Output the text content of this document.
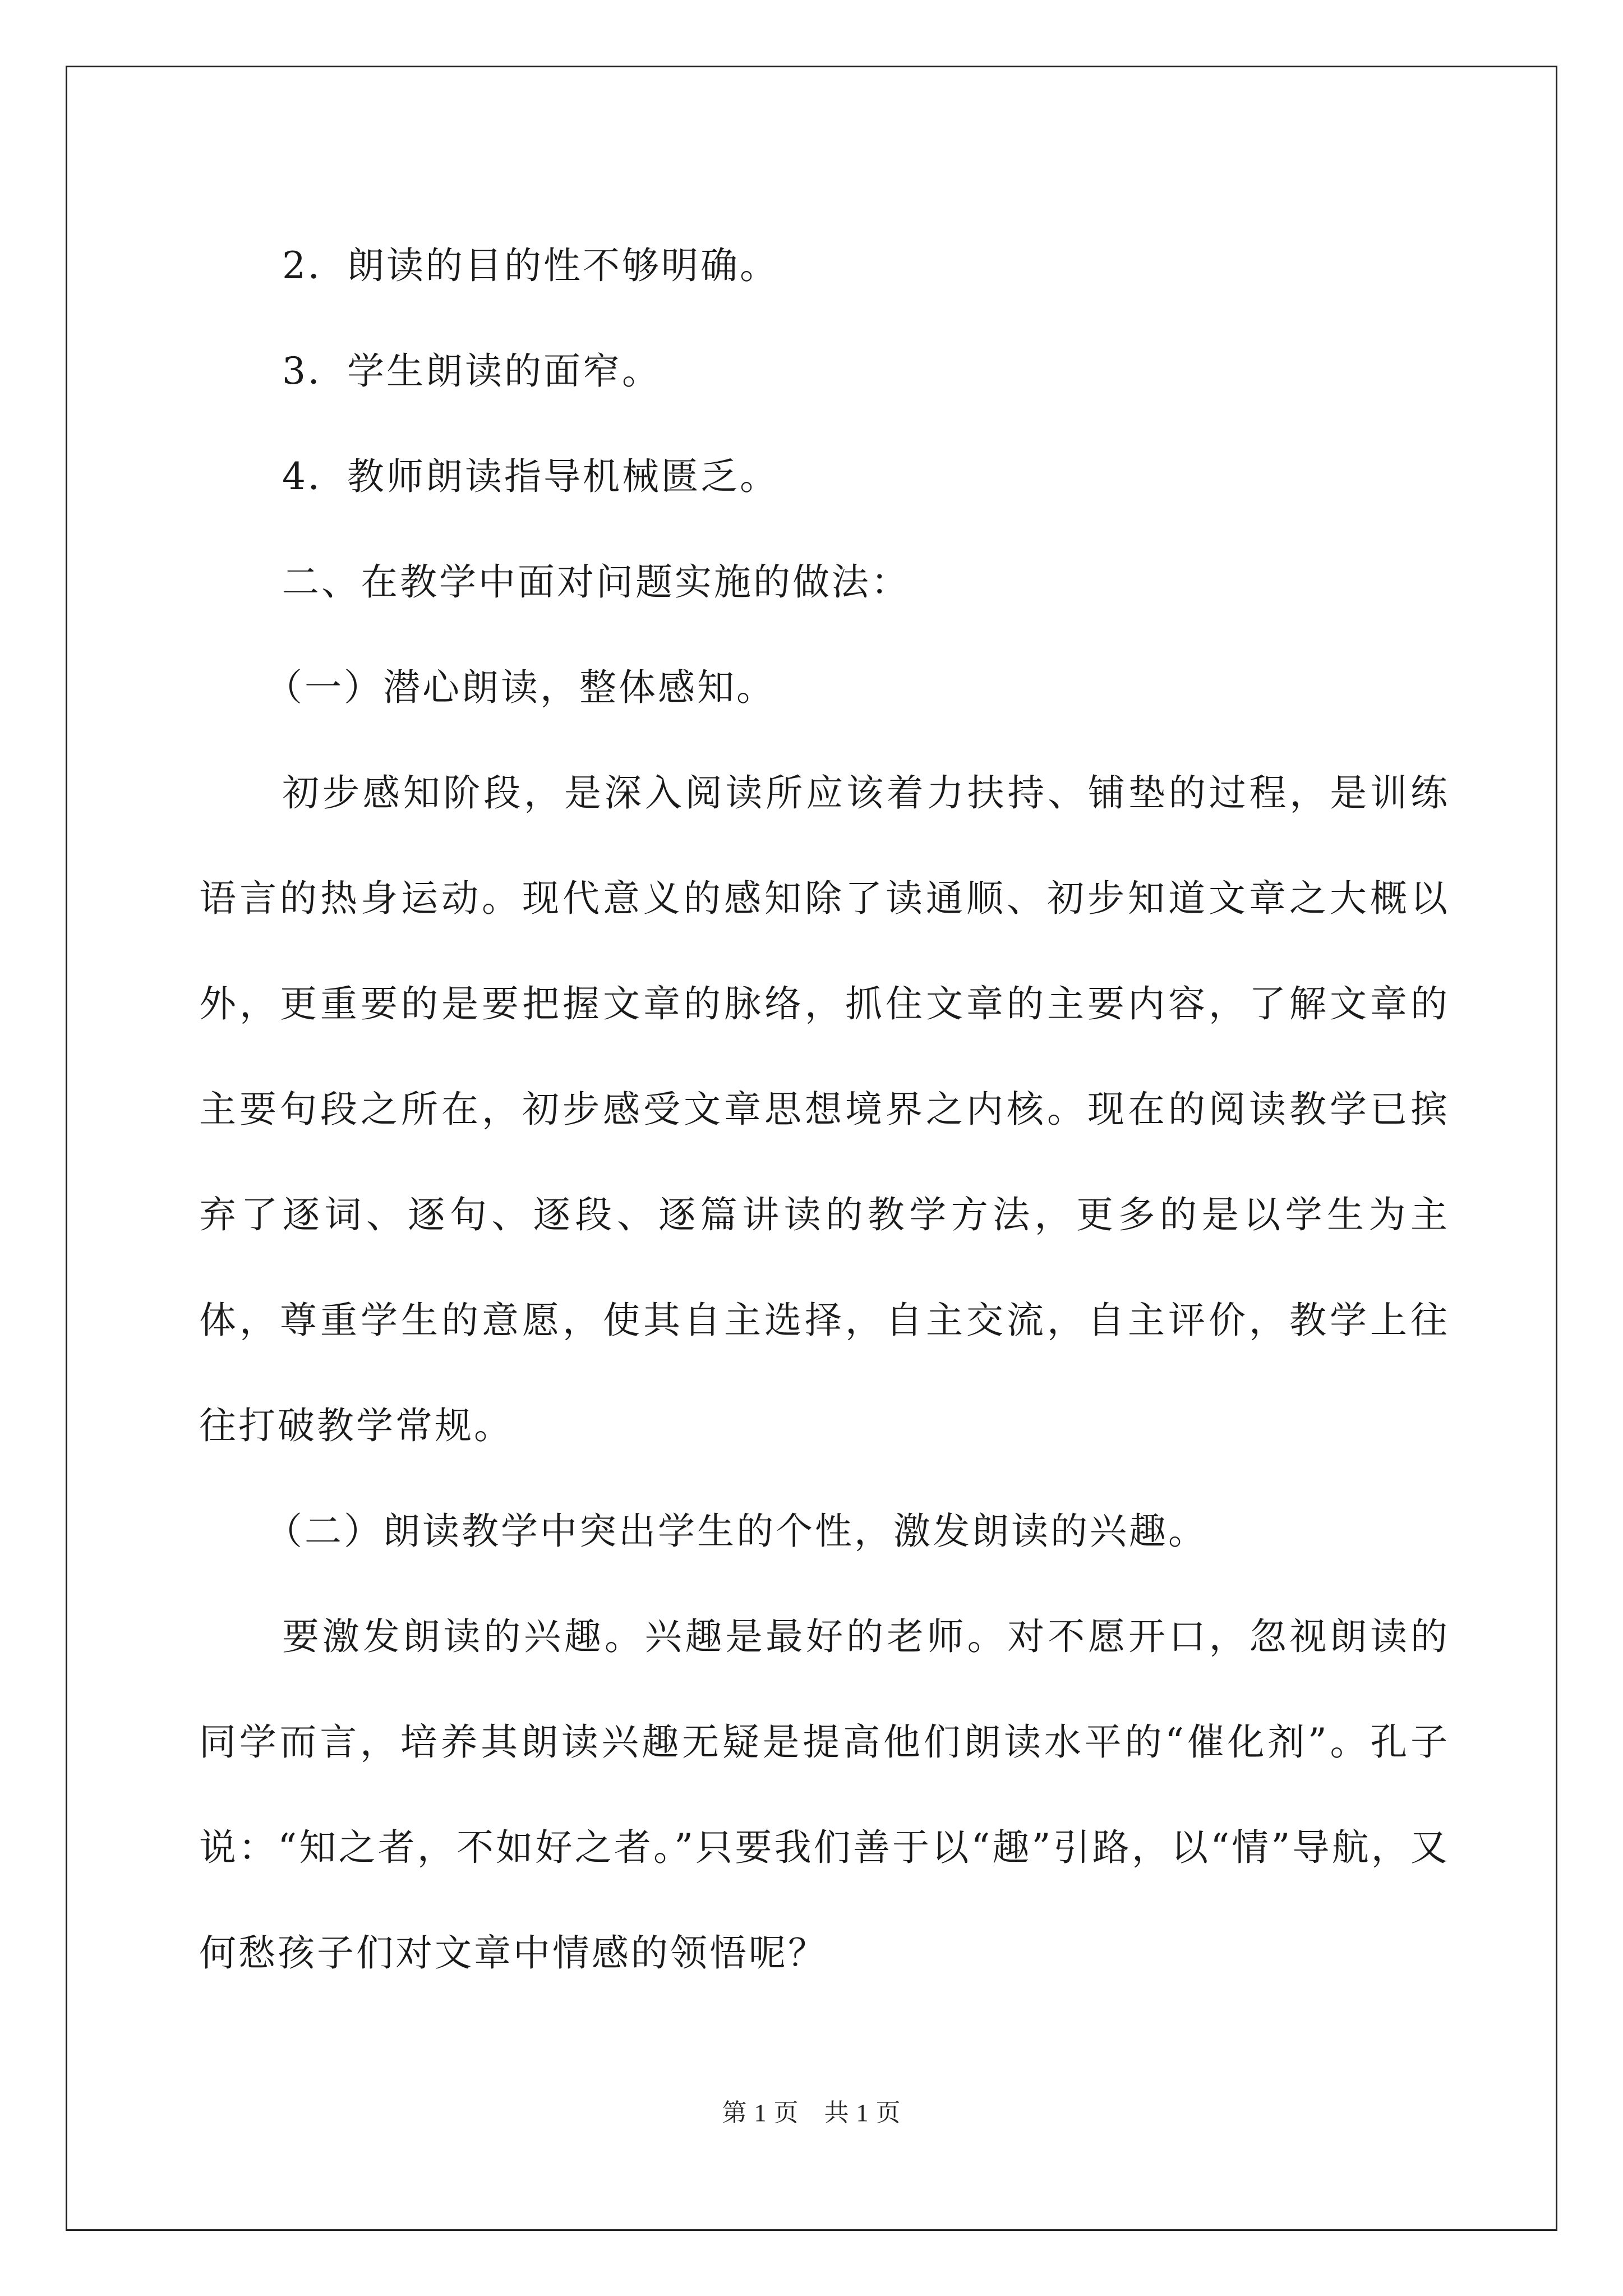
2．朗读的目的性不够明确。

3．学生朗读的面窄。

4．教师朗读指导机械匮乏。

二、在教学中面对问题实施的做法：

（一）潜心朗读，整体感知。

初步感知阶段，是深入阅读所应该着力扶持、铺垫的过程，是训练语言的热身运动。现代意义的感知除了读通顺、初步知道文章之大概以外，更重要的是要把握文章的脉络，抓住文章的主要内容，了解文章的主要句段之所在，初步感受文章思想境界之内核。现在的阅读教学已摈弃了逐词、逐句、逐段、逐篇讲读的教学方法，更多的是以学生为主体，尊重学生的意愿，使其自主选择，自主交流，自主评价，教学上往往打破教学常规。

（二）朗读教学中突出学生的个性，激发朗读的兴趣。

要激发朗读的兴趣。兴趣是最好的老师。对不愿开口，忽视朗读的同学而言，培养其朗读兴趣无疑是提高他们朗读水平的“催化剂”。孔子说：“知之者，不如好之者。”只要我们善于以“趣”引路，以“情”导航，又何愁孩子们对文章中情感的领悟呢？

第 1 页　共 1 页
